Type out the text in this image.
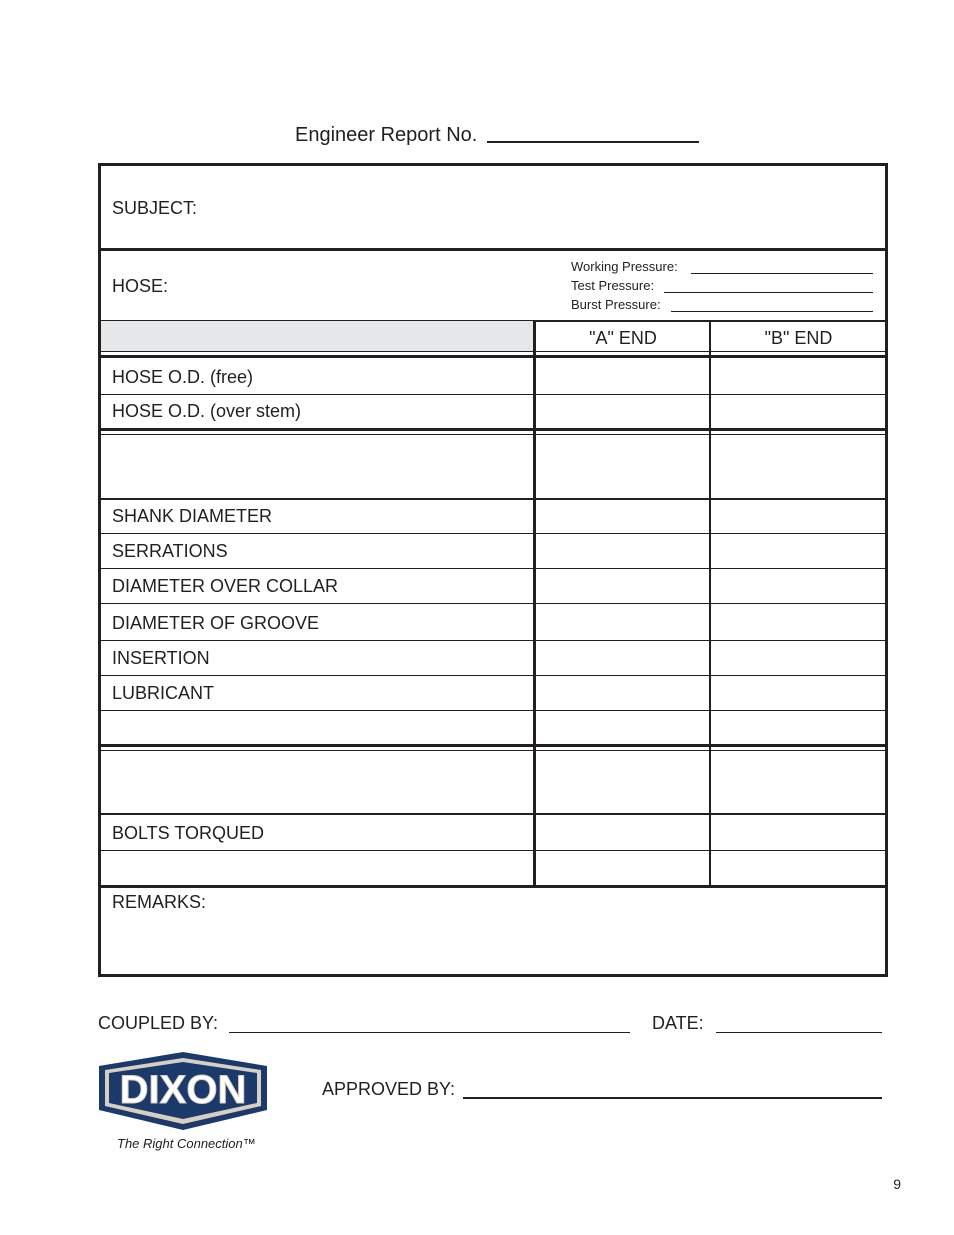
Engineer Report No.
SUBJECT:
HOSE:
Working Pressure:
Test Pressure:
Burst Pressure:
"A" END	"B" END
HOSE O.D. (free)
HOSE O.D. (over stem)
SHANK DIAMETER
SERRATIONS
DIAMETER OVER COLLAR
DIAMETER OF GROOVE
INSERTION
LUBRICANT
BOLTS TORQUED
REMARKS:
COUPLED BY:	DATE:
APPROVED BY:
DIXON
The Right Connection™
9
